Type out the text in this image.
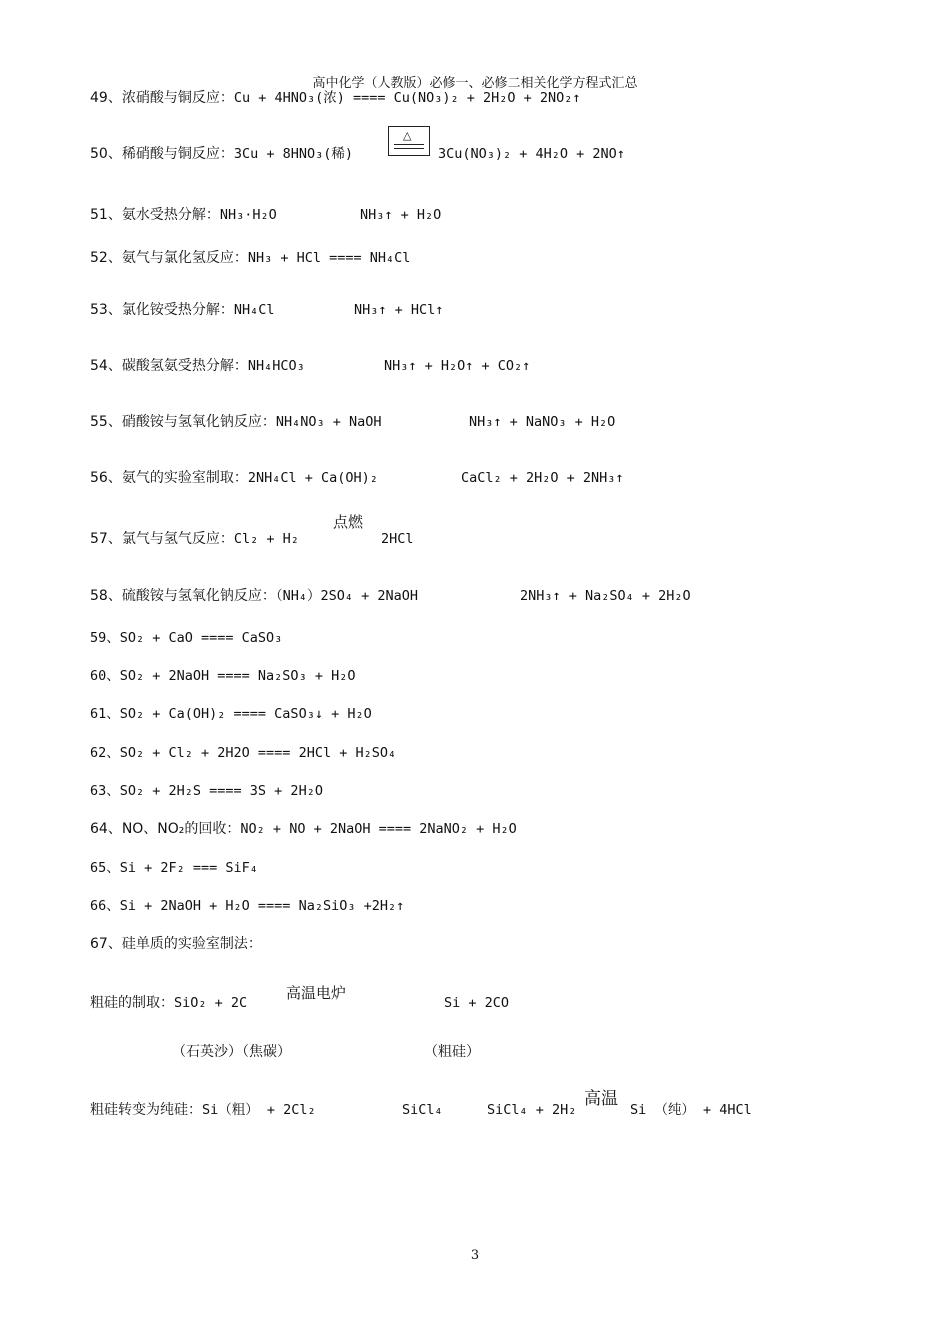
高中化学（人教版）必修一、必修二相关化学方程式汇总
49、浓硝酸与铜反应：Cu + 4HNO₃(浓) ==== Cu(NO₃)₂ + 2H₂O + 2NO₂↑
50、稀硝酸与铜反应：3Cu + 8HNO₃(稀)
△
3Cu(NO₃)₂ + 4H₂O + 2NO↑
51、氨水受热分解：NH₃·H₂O	NH₃↑ + H₂O
52、氨气与氯化氢反应：NH₃ + HCl ==== NH₄Cl
53、氯化铵受热分解：NH₄Cl	NH₃↑ + HCl↑
54、碳酸氢氨受热分解：NH₄HCO₃	NH₃↑ + H₂O↑ + CO₂↑
55、硝酸铵与氢氧化钠反应：NH₄NO₃ + NaOH	NH₃↑ + NaNO₃ + H₂O
56、氨气的实验室制取：2NH₄Cl + Ca(OH)₂	CaCl₂ + 2H₂O + 2NH₃↑
点燃
57、氯气与氢气反应：Cl₂ + H₂	2HCl
58、硫酸铵与氢氧化钠反应：（NH₄）2SO₄ + 2NaOH	2NH₃↑ + Na₂SO₄ + 2H₂O
59、SO₂ + CaO ==== CaSO₃
60、SO₂ + 2NaOH ==== Na₂SO₃ + H₂O
61、SO₂ + Ca(OH)₂ ==== CaSO₃↓ + H₂O
62、SO₂ + Cl₂ + 2H2O ==== 2HCl + H₂SO₄
63、SO₂ + 2H₂S ==== 3S + 2H₂O
64、NO、NO₂的回收：NO₂ + NO + 2NaOH ==== 2NaNO₂ + H₂O
65、Si + 2F₂ === SiF₄
66、Si + 2NaOH + H₂O ==== Na₂SiO₃ +2H₂↑
67、硅单质的实验室制法：
高温电炉
粗硅的制取：SiO₂ + 2C	Si + 2CO
（石英沙）（焦碳）	（粗硅）
高温
粗硅转变为纯硅：Si（粗） + 2Cl₂	SiCl₄	SiCl₄ + 2H₂	Si （纯） + 4HCl
3
